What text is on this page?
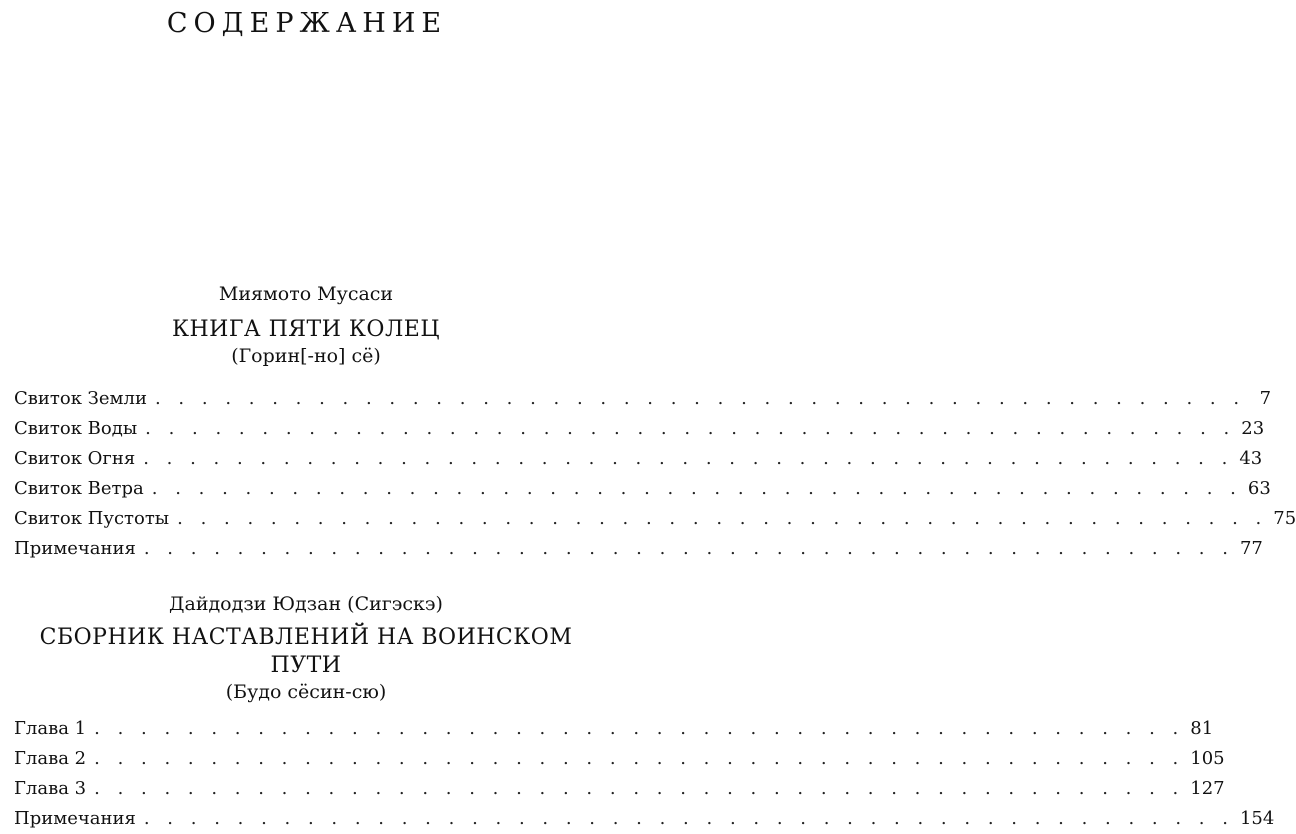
СОДЕРЖАНИЕ
Миямото Мусаси
КНИГА ПЯТИ КОЛЕЦ
(Горин[-но] сё)
Свиток Земли . . . . . . . . . . . . . . . . . . . . . . . . . . . . . . . . . . . . . . . . . . . . . . . 7
Свиток Воды . . . . . . . . . . . . . . . . . . . . . . . . . . . . . . . . . . . . . . . . . . . . . . . 23
Свиток Огня . . . . . . . . . . . . . . . . . . . . . . . . . . . . . . . . . . . . . . . . . . . . . . . 43
Свиток Ветра . . . . . . . . . . . . . . . . . . . . . . . . . . . . . . . . . . . . . . . . . . . . . . . 63
Свиток Пустоты . . . . . . . . . . . . . . . . . . . . . . . . . . . . . . . . . . . . . . . . . . . . . . . 75
Примечания . . . . . . . . . . . . . . . . . . . . . . . . . . . . . . . . . . . . . . . . . . . . . . . 77
Дайдодзи Юдзан (Сигэскэ)
СБОРНИК НАСТАВЛЕНИЙ НА ВОИНСКОМ ПУТИ
(Будо сёсин-сю)
Глава 1 . . . . . . . . . . . . . . . . . . . . . . . . . . . . . . . . . . . . . . . . . . . . . . . 81
Глава 2 . . . . . . . . . . . . . . . . . . . . . . . . . . . . . . . . . . . . . . . . . . . . . . . 105
Глава 3 . . . . . . . . . . . . . . . . . . . . . . . . . . . . . . . . . . . . . . . . . . . . . . . 127
Примечания . . . . . . . . . . . . . . . . . . . . . . . . . . . . . . . . . . . . . . . . . . . . . . . 154
